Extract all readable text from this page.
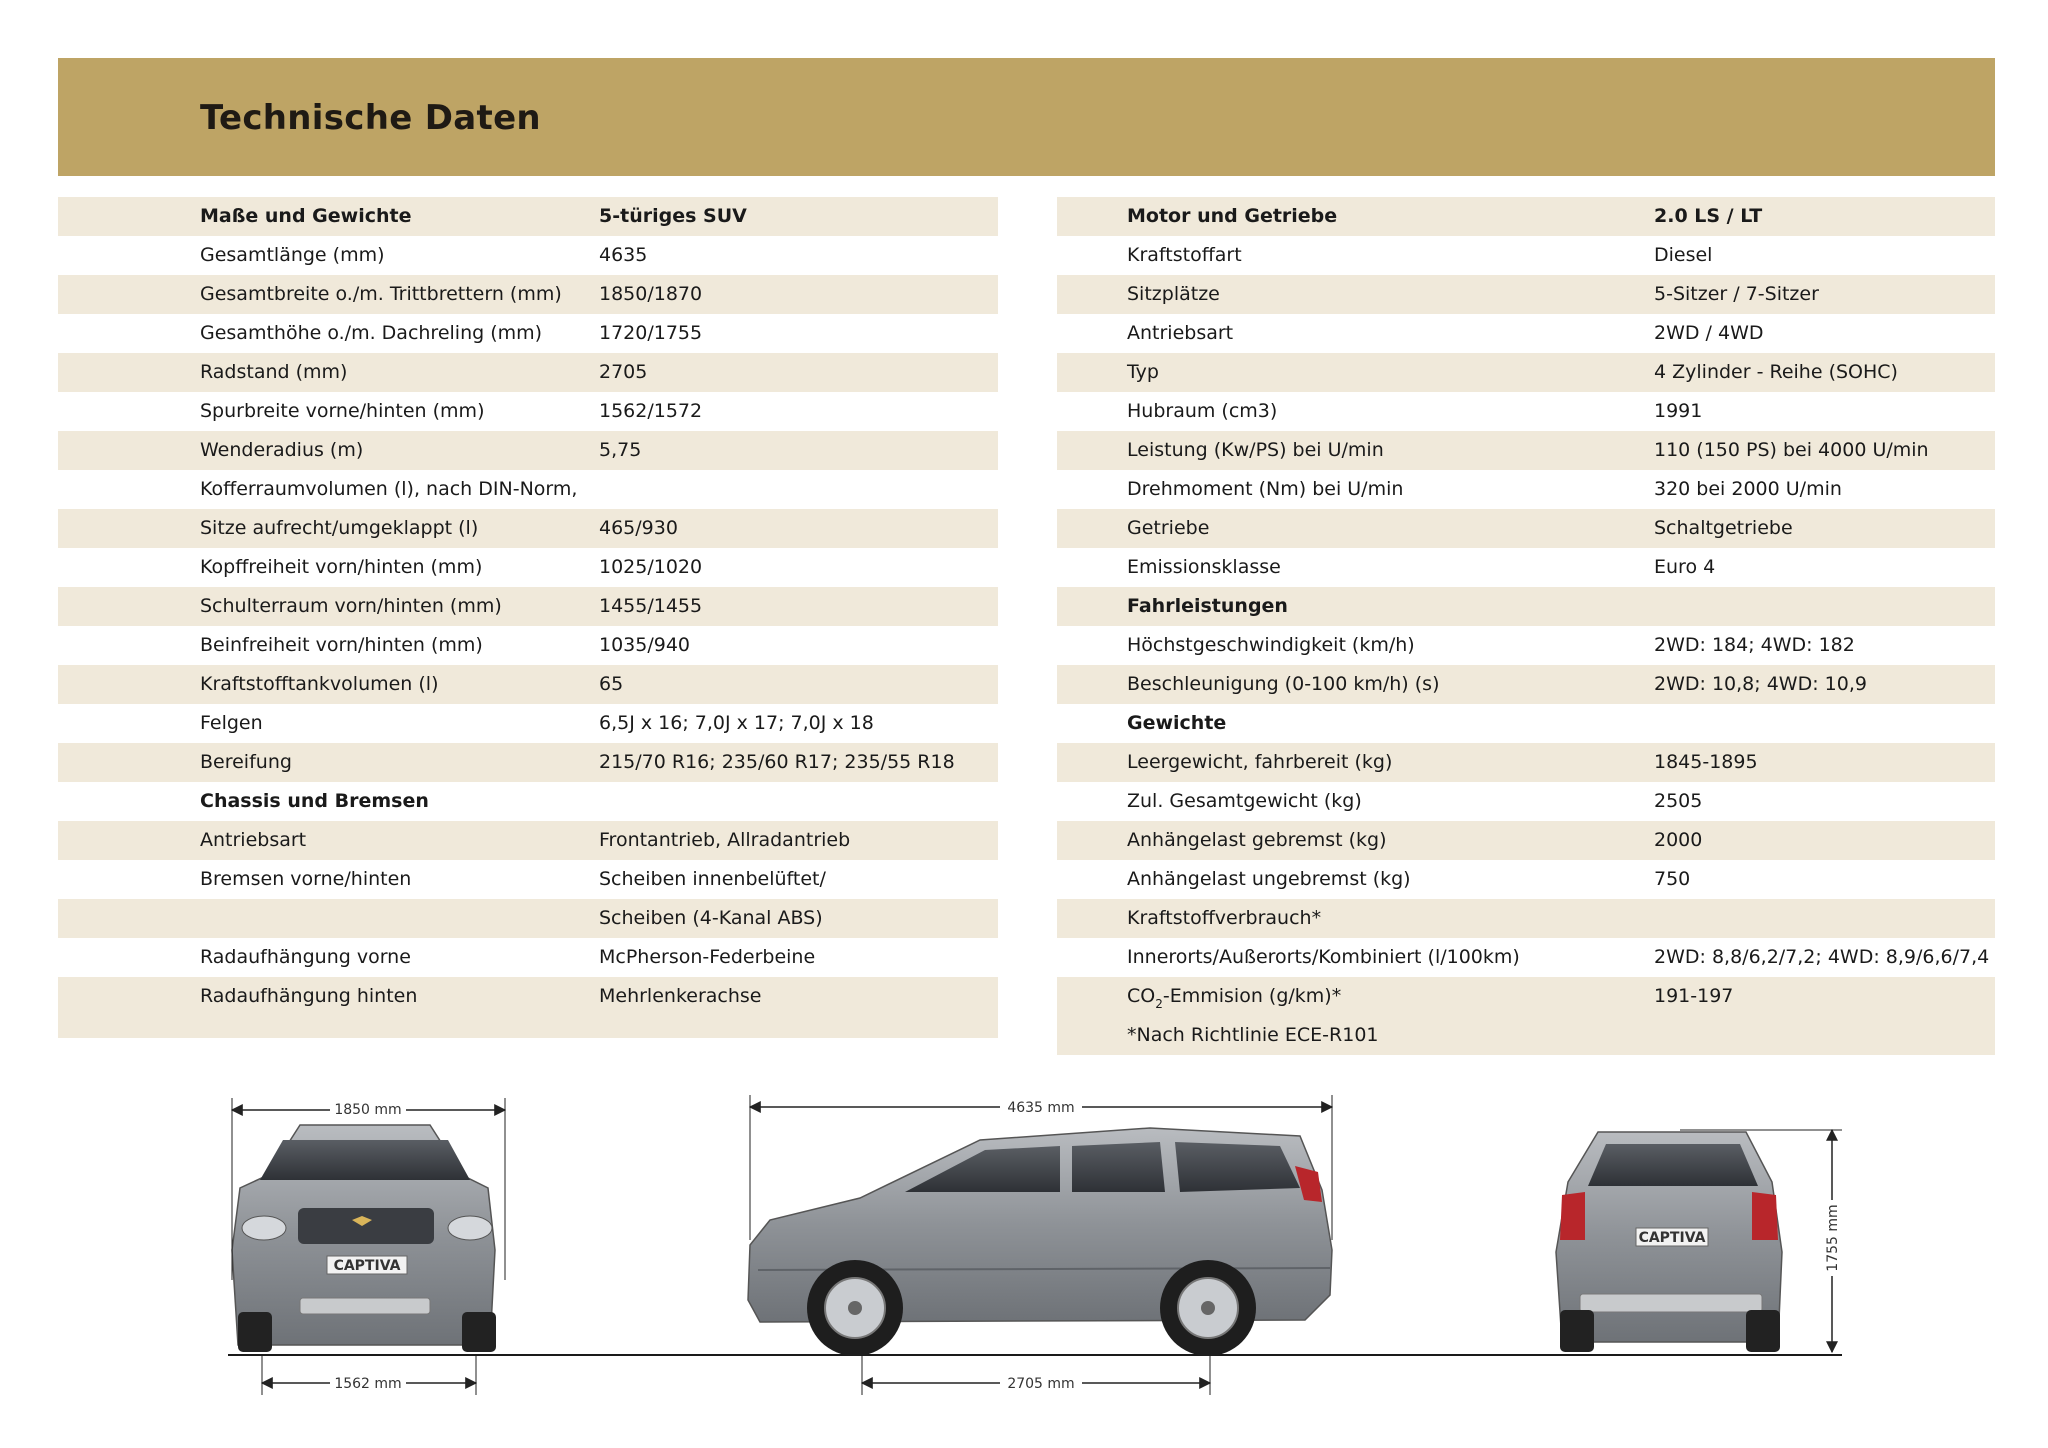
Technische Daten
Maße und Gewichte	5-türiges SUV
Gesamtlänge (mm)	4635
Gesamtbreite o./m. Trittbrettern (mm) 1850/1870
Gesamthöhe o./m. Dachreling (mm)	1720/1755
Radstand (mm)	2705
Spurbreite vorne/hinten (mm)	1562/1572
Wenderadius (m)	5,75
Kofferraumvolumen (l), nach DIN-Norm,
Sitze aufrecht/umgeklappt (l)	465/930
Kopffreiheit vorn/hinten (mm)	1025/1020
Schulterraum vorn/hinten (mm)	1455/1455
Beinfreiheit vorn/hinten (mm)	1035/940
Kraftstofftankvolumen (l)	65
Felgen	6,5J x 16; 7,0J x 17; 7,0J x 18
Bereifung	215/70 R16; 235/60 R17; 235/55 R18
Chassis und Bremsen
Antriebsart	Frontantrieb, Allradantrieb
Bremsen vorne/hinten	Scheiben innenbelüftet/
Scheiben (4-Kanal ABS)
Radaufhängung vorne	McPherson-Federbeine
Radaufhängung hinten	Mehrlenkerachse
Motor und Getriebe	2.0 LS / LT
Kraftstoffart	Diesel
Sitzplätze	5-Sitzer / 7-Sitzer
Antriebsart	2WD / 4WD
Typ	4 Zylinder - Reihe (SOHC)
Hubraum (cm3)	1991
Leistung (Kw/PS) bei U/min	110 (150 PS) bei 4000 U/min
Drehmoment (Nm) bei U/min	320 bei 2000 U/min
Getriebe	Schaltgetriebe
Emissionsklasse	Euro 4
Fahrleistungen
Höchstgeschwindigkeit (km/h)	2WD: 184; 4WD: 182
Beschleunigung (0-100 km/h) (s)	2WD: 10,8; 4WD: 10,9
Gewichte
Leergewicht, fahrbereit (kg)	1845-1895
Zul. Gesamtgewicht (kg)	2505
Anhängelast gebremst (kg)	2000
Anhängelast ungebremst (kg)	750
Kraftstoffverbrauch*
Innerorts/Außerorts/Kombiniert (l/100km)	2WD: 8,8/6,2/7,2; 4WD: 8,9/6,6/7,4
$CO_2$-Emmision (g/km)*	191-197
*Nach Richtlinie ECE-R101
CAPTIVA
1850 mm
1562 mm
4635 mm
2705 mm
CAPTIVA	1755 mm
